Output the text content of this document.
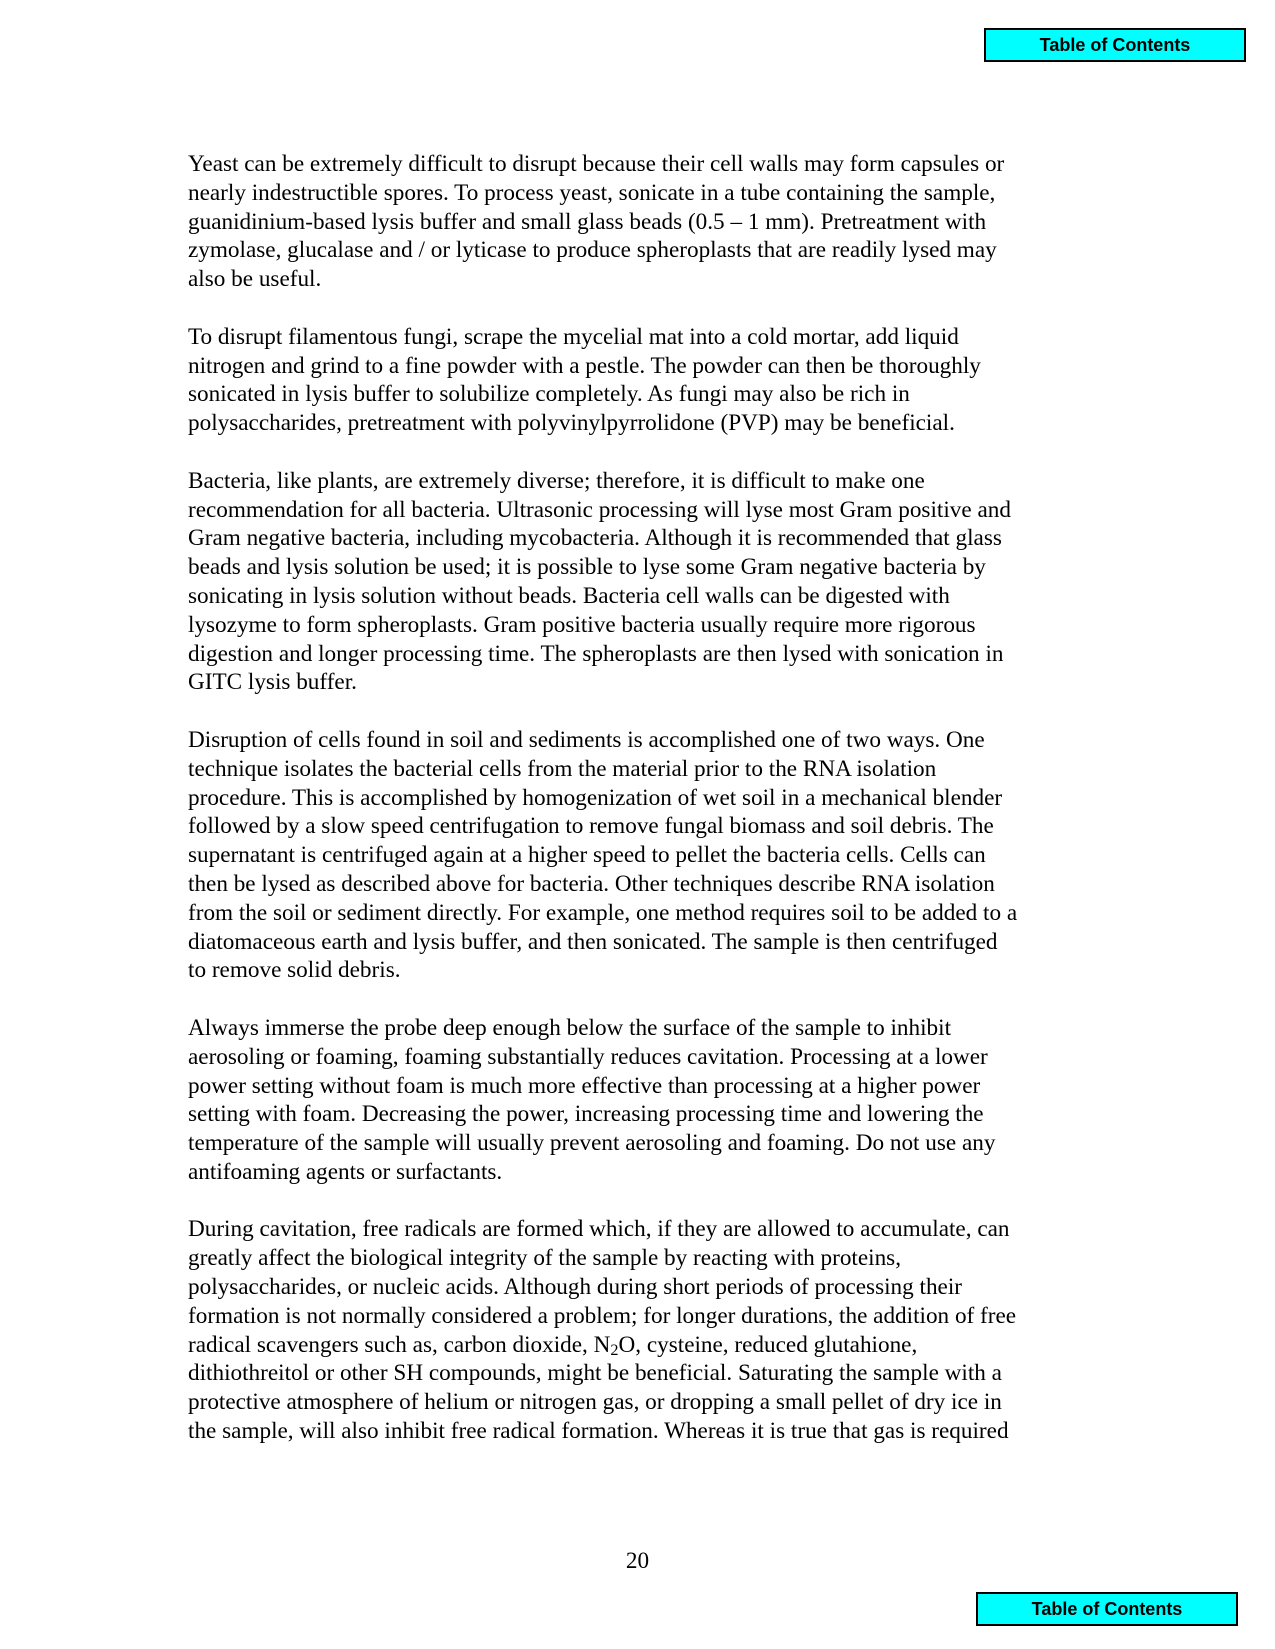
Table of Contents

Yeast can be extremely difficult to disrupt because their cell walls may form capsules or
nearly indestructible spores. To process yeast, sonicate in a tube containing the sample,
guanidinium-based lysis buffer and small glass beads (0.5 – 1 mm). Pretreatment with
zymolase, glucalase and / or lyticase to produce spheroplasts that are readily lysed may
also be useful.

To disrupt filamentous fungi, scrape the mycelial mat into a cold mortar, add liquid
nitrogen and grind to a fine powder with a pestle. The powder can then be thoroughly
sonicated in lysis buffer to solubilize completely. As fungi may also be rich in
polysaccharides, pretreatment with polyvinylpyrrolidone (PVP) may be beneficial.

Bacteria, like plants, are extremely diverse; therefore, it is difficult to make one
recommendation for all bacteria. Ultrasonic processing will lyse most Gram positive and
Gram negative bacteria, including mycobacteria. Although it is recommended that glass
beads and lysis solution be used; it is possible to lyse some Gram negative bacteria by
sonicating in lysis solution without beads. Bacteria cell walls can be digested with
lysozyme to form spheroplasts. Gram positive bacteria usually require more rigorous
digestion and longer processing time. The spheroplasts are then lysed with sonication in
GITC lysis buffer.

Disruption of cells found in soil and sediments is accomplished one of two ways. One
technique isolates the bacterial cells from the material prior to the RNA isolation
procedure. This is accomplished by homogenization of wet soil in a mechanical blender
followed by a slow speed centrifugation to remove fungal biomass and soil debris. The
supernatant is centrifuged again at a higher speed to pellet the bacteria cells. Cells can
then be lysed as described above for bacteria. Other techniques describe RNA isolation
from the soil or sediment directly. For example, one method requires soil to be added to a
diatomaceous earth and lysis buffer, and then sonicated. The sample is then centrifuged
to remove solid debris.

Always immerse the probe deep enough below the surface of the sample to inhibit
aerosoling or foaming, foaming substantially reduces cavitation. Processing at a lower
power setting without foam is much more effective than processing at a higher power
setting with foam. Decreasing the power, increasing processing time and lowering the
temperature of the sample will usually prevent aerosoling and foaming. Do not use any
antifoaming agents or surfactants.

During cavitation, free radicals are formed which, if they are allowed to accumulate, can
greatly affect the biological integrity of the sample by reacting with proteins,
polysaccharides, or nucleic acids. Although during short periods of processing their
formation is not normally considered a problem; for longer durations, the addition of free
radical scavengers such as, carbon dioxide, $N_2O$, cysteine, reduced glutahione,
dithiothreitol or other SH compounds, might be beneficial. Saturating the sample with a
protective atmosphere of helium or nitrogen gas, or dropping a small pellet of dry ice in
the sample, will also inhibit free radical formation. Whereas it is true that gas is required

20
Table of Contents
